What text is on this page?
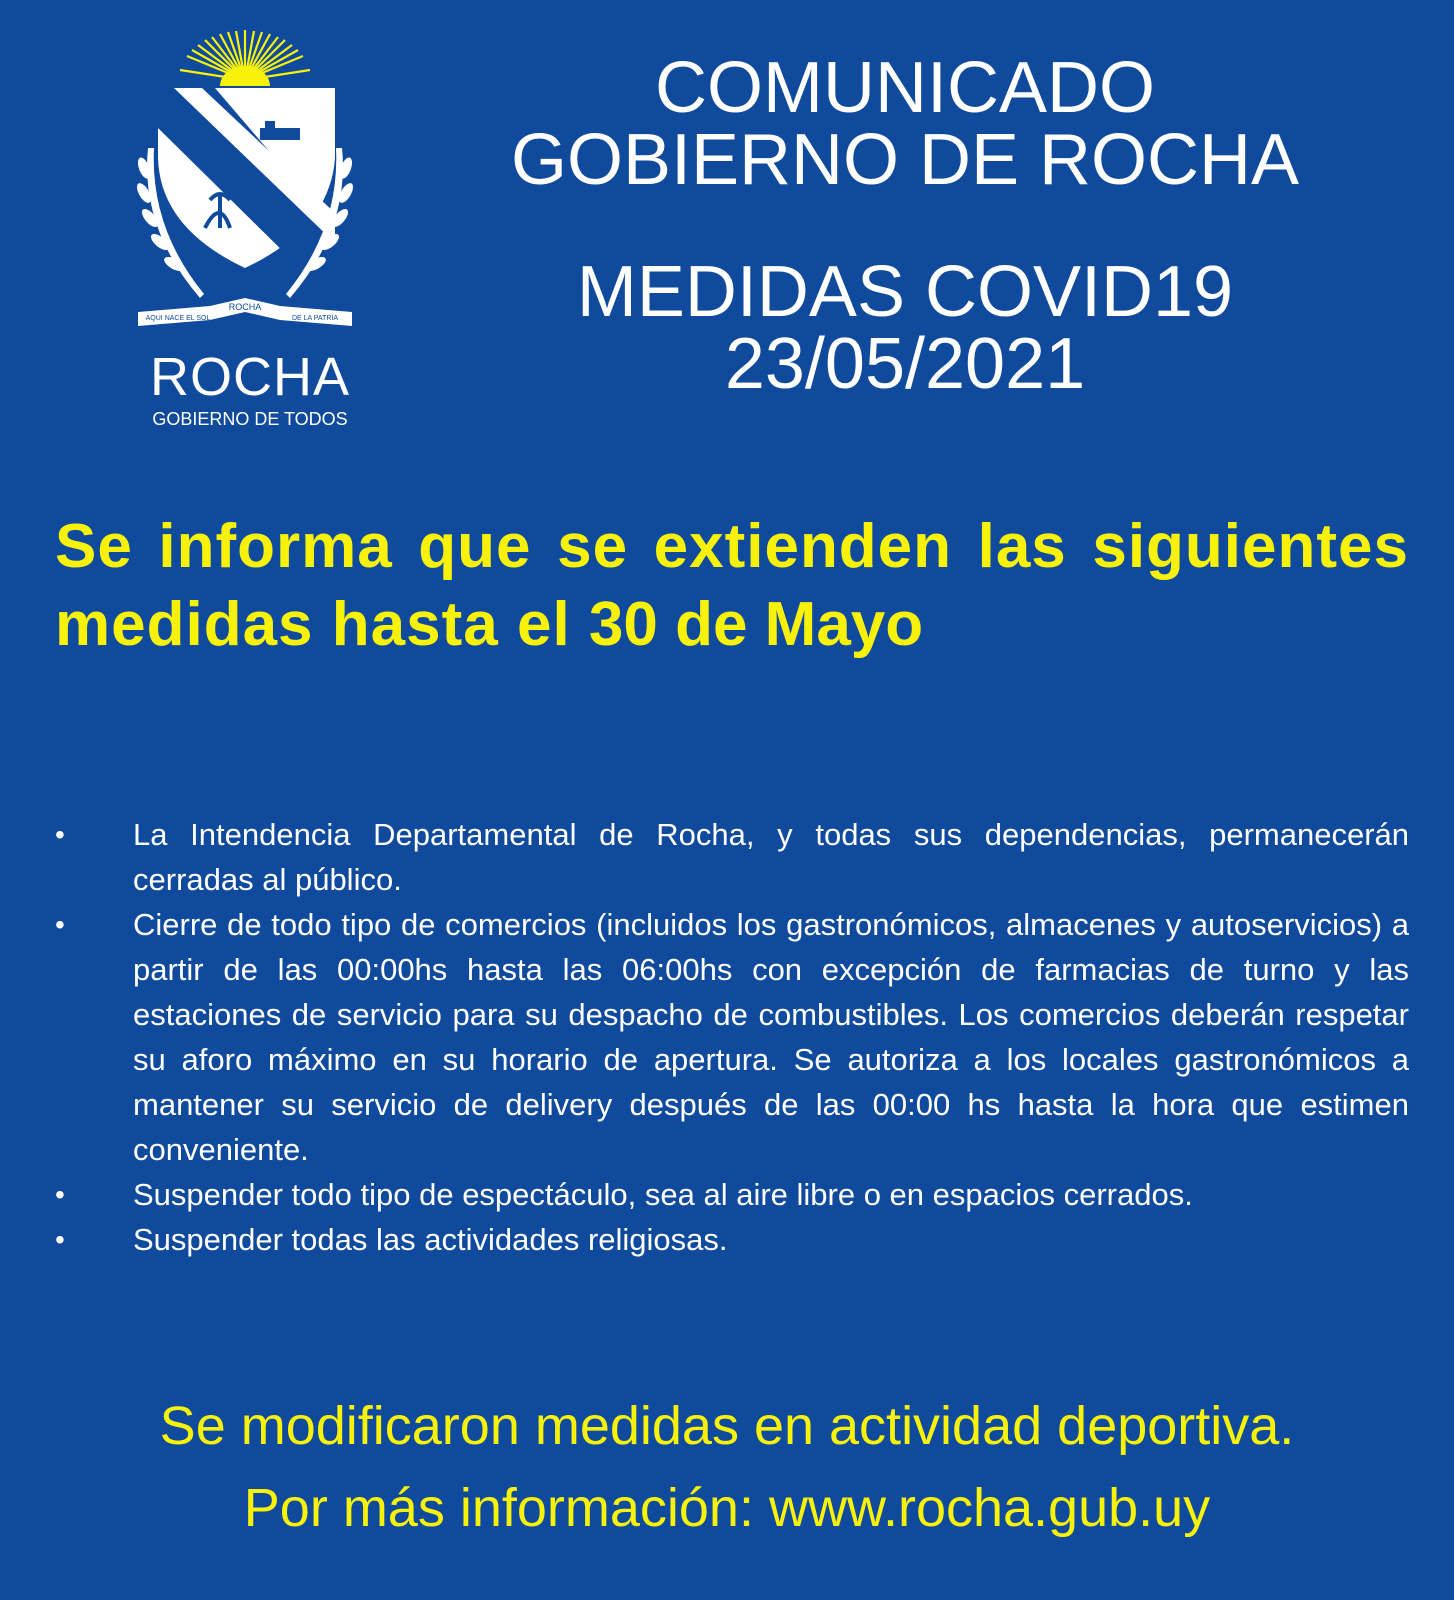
ROCHA
AQUI NACE EL SOL	DE LA PATRIA
ROCHA
GOBIERNO DE TODOS
COMUNICADO
GOBIERNO DE ROCHA
MEDIDAS COVID19
23/05/2021
Se informa que se extienden las siguientes medidas hasta el 30 de Mayo
•	La Intendencia Departamental de Rocha, y todas sus dependencias, permanecerán cerradas al público.
•	Cierre de todo tipo de comercios (incluidos los gastronómicos, almacenes y autoservicios) a partir de las 00:00hs hasta las 06:00hs con excepción de farmacias de turno y las estaciones de servicio para su despacho de combustibles. Los comercios deberán respetar su aforo máximo en su horario de apertura. Se autoriza a los locales gastronómicos a mantener su servicio de delivery después de las 00:00 hs hasta la hora que estimen conveniente.
•	Suspender todo tipo de espectáculo, sea al aire libre o en espacios cerrados.
•	Suspender todas las actividades religiosas.
Se modificaron medidas en actividad deportiva.
Por más información: www.rocha.gub.uy
